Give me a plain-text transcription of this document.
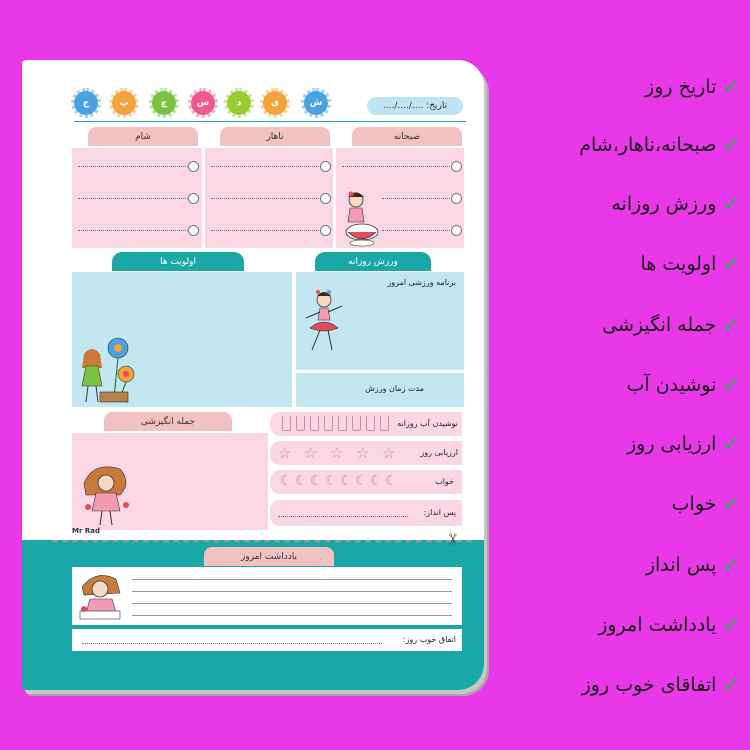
✂
تاریخ: ..../..../....
ش
ی
د
س
چ
پ
ج
صبحانه
ناهار
شام
ورزش روزانه
اولویت ها
برنامه ورزشی امروز
مدت زمان ورزش
جمله انگیزشی	نوشیدن آب روزانه
ارزیابی روز
☆ ☆ ☆ ☆ ☆
خواب
☾ ☾ ☾ ☾ ☾ ☾ ☾ ☾
پس انداز:
Mr Rad
یادداشت امروز
اتفاق خوب روز:
تاریخ روز ✓
صبحانه،ناهار،شام ✓
ورزش روزانه ✓
اولویت ها ✓
جمله انگیزشی ✓
نوشیدن آب ✓
ارزیابی روز ✓
خواب ✓
پس انداز ✓
یادداشت امروز ✓
اتفاقای خوب روز ✓
